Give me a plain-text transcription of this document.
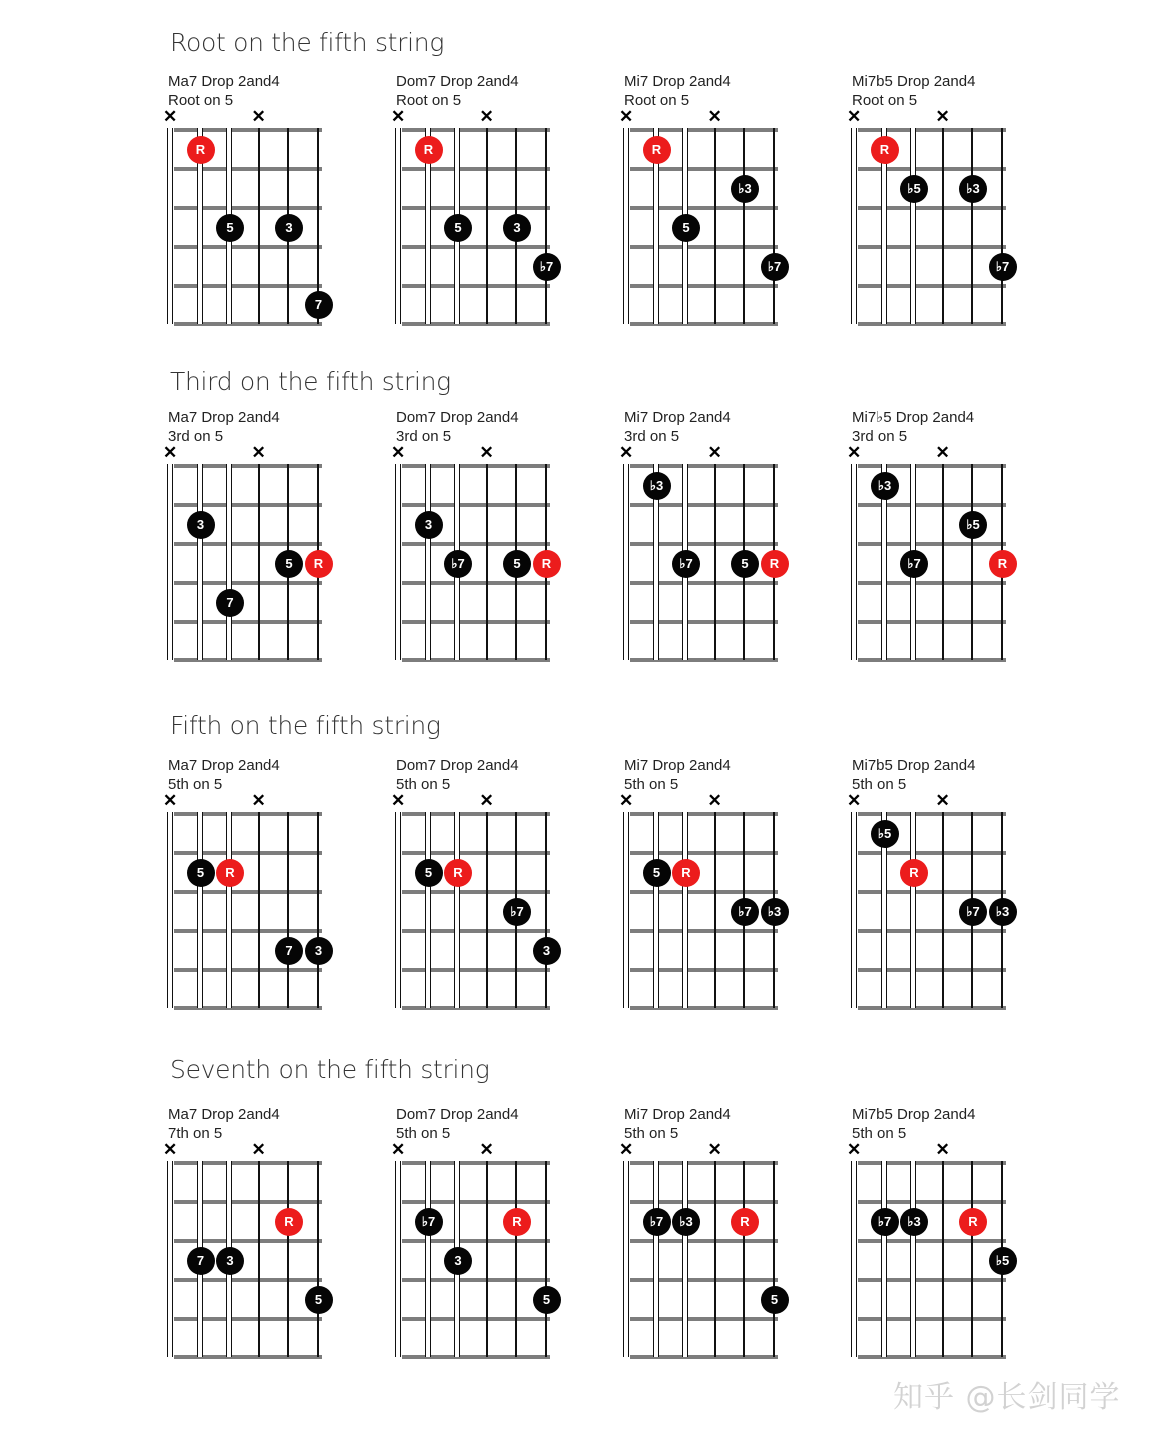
Root on the fifth string
Ma7 Drop 2and4
Root on 5
✕	✕
R
5	3
7
Dom7 Drop 2and4
Root on 5
✕	✕
R
5	3
♭7
Mi7 Drop 2and4
Root on 5
✕	✕
R
♭3
5
♭7
Mi7b5 Drop 2and4
Root on 5
✕	✕
R
♭5	♭3
♭7
Third on the fifth string
Ma7 Drop 2and4
3rd on 5
✕	✕
3
5	R
7
Dom7 Drop 2and4
3rd on 5
✕	✕
3
♭7	5	R
Mi7 Drop 2and4
3rd on 5
✕	✕
♭3
♭7	5	R
Mi7♭5 Drop 2and4
3rd on 5
✕	✕
♭3
♭5
♭7	R
Fifth on the fifth string
Ma7 Drop 2and4
5th on 5
✕	✕
5	R
7	3
Dom7 Drop 2and4
5th on 5
✕	✕
5	R
♭7
3
Mi7 Drop 2and4
5th on 5
✕	✕
5	R
♭7	♭3
Mi7b5 Drop 2and4
5th on 5
✕	✕
♭5
R
♭7	♭3
Seventh on the fifth string
Ma7 Drop 2and4
7th on 5
✕	✕
R
7	3
5
Dom7 Drop 2and4
5th on 5
✕	✕
♭7	R
3
5
Mi7 Drop 2and4
5th on 5
✕	✕
♭7	♭3	R
5
Mi7b5 Drop 2and4
5th on 5
✕	✕
♭7	♭3	R
♭5
知乎 @长剑同学
